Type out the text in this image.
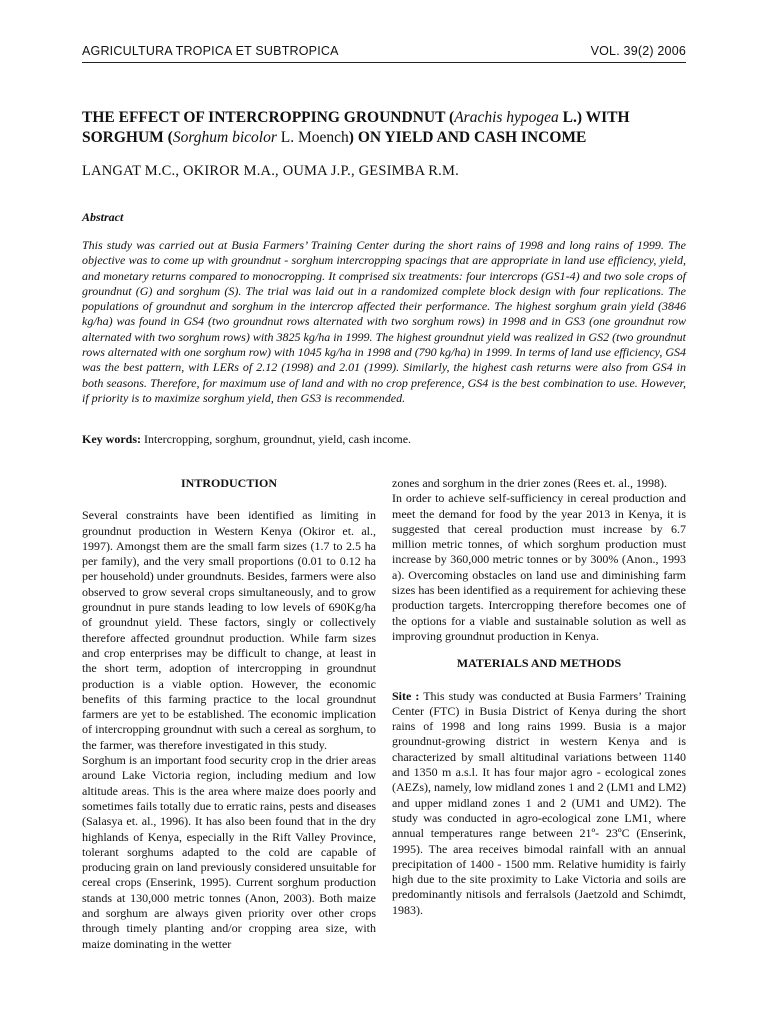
AGRICULTURA TROPICA ET SUBTROPICA	VOL. 39(2) 2006
THE EFFECT OF INTERCROPPING GROUNDNUT (Arachis hypogea L.) WITH SORGHUM (Sorghum bicolor L. Moench) ON YIELD AND CASH INCOME
LANGAT M.C., OKIROR M.A., OUMA J.P., GESIMBA R.M.
Abstract
This study was carried out at Busia Farmers’ Training Center during the short rains of 1998 and long rains of 1999. The objective was to come up with groundnut - sorghum intercropping spacings that are appropriate in land use efficiency, yield, and monetary returns compared to monocropping. It comprised six treatments: four intercrops (GS1-4) and two sole crops of groundnut (G) and sorghum (S). The trial was laid out in a randomized complete block design with four replications. The populations of groundnut and sorghum in the intercrop affected their performance. The highest sorghum grain yield (3846 kg/ha) was found in GS4 (two groundnut rows alternated with two sorghum rows) in 1998 and in GS3 (one groundnut row alternated with two sorghum rows) with 3825 kg/ha in 1999. The highest groundnut yield was realized in GS2 (two groundnut rows alternated with one sorghum row) with 1045 kg/ha in 1998 and (790 kg/ha) in 1999. In terms of land use efficiency, GS4 was the best pattern, with LERs of 2.12 (1998) and 2.01 (1999). Similarly, the highest cash returns were also from GS4 in both seasons. Therefore, for maximum use of land and with no crop preference, GS4 is the best combination to use. However, if priority is to maximize sorghum yield, then GS3 is recommended.
Key words: Intercropping, sorghum, groundnut, yield, cash income.
INTRODUCTION

Several constraints have been identified as limiting in groundnut production in Western Kenya (Okiror et. al., 1997). Amongst them are the small farm sizes (1.7 to 2.5 ha per family), and the very small proportions (0.01 to 0.12 ha per household) under groundnuts. Besides, farmers were also observed to grow several crops simultaneously, and to grow groundnut in pure stands leading to low levels of 690Kg/ha of groundnut yield. These factors, singly or collectively therefore affected groundnut production. While farm sizes and crop enterprises may be difficult to change, at least in the short term, adoption of intercropping in groundnut production is a viable option. However, the economic benefits of this farming practice to the local groundnut farmers are yet to be established. The economic implication of intercropping groundnut with such a cereal as sorghum, to the farmer, was therefore investigated in this study.

Sorghum is an important food security crop in the drier areas around Lake Victoria region, including medium and low altitude areas. This is the area where maize does poorly and sometimes fails totally due to erratic rains, pests and diseases (Salasya et. al., 1996). It has also been found that in the dry highlands of Kenya, especially in the Rift Valley Province, tolerant sorghums adapted to the cold are capable of producing grain on land previously considered unsuitable for cereal crops (Enserink, 1995). Current sorghum production stands at 130,000 metric tonnes (Anon, 2003). Both maize and sorghum are always given priority over other crops through timely planting and/or cropping area size, with maize dominating in the wetter

zones and sorghum in the drier zones (Rees et. al., 1998).

In order to achieve self-sufficiency in cereal production and meet the demand for food by the year 2013 in Kenya, it is suggested that cereal production must increase by 6.7 million metric tonnes, of which sorghum production must increase by 360,000 metric tonnes or by 300% (Anon., 1993 a). Overcoming obstacles on land use and diminishing farm sizes has been identified as a requirement for achieving these production targets. Intercropping therefore becomes one of the options for a viable and sustainable solution as well as improving groundnut production in Kenya.

MATERIALS AND METHODS

Site : This study was conducted at Busia Farmers’ Training Center (FTC) in Busia District of Kenya during the short rains of 1998 and long rains 1999. Busia is a major groundnut-growing district in western Kenya and is characterized by small altitudinal variations between 1140 and 1350 m a.s.l. It has four major agro - ecological zones (AEZs), namely, low midland zones 1 and 2 (LM1 and LM2) and upper midland zones 1 and 2 (UM1 and UM2). The study was conducted in agro-ecological zone LM1, where annual temperatures range between 21º- 23ºC (Enserink, 1995). The area receives bimodal rainfall with an annual precipitation of 1400 - 1500 mm. Relative humidity is fairly high due to the site proximity to Lake Victoria and soils are predominantly nitisols and ferralsols (Jaetzold and Schimdt, 1983).
